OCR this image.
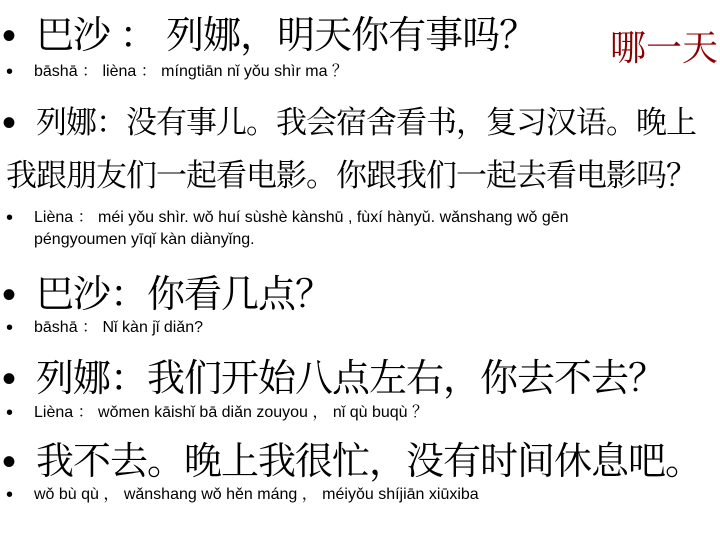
哪一天
• 巴沙 ： 列娜，明天你有事吗？
• bāshā ： lièna ： míngtiān nǐ yǒu shìr ma ？
• 列娜：没有事儿。我会宿舍看书，复习汉语。晚上
我跟朋友们一起看电影。你跟我们一起去看电影吗？
• Lièna ： méi yǒu shìr. wǒ huí sùshè kànshū , fùxí hànyǔ. wǎnshang wǒ gēn
péngyoumen yīqǐ kàn diànyǐng.
• 巴沙：你看几点？
• bāshā ： Nǐ kàn jǐ diǎn?
• 列娜：我们开始八点左右，你去不去？
• Lièna ： wǒmen kāishǐ bā diǎn zouyou ， nǐ qù buqù ？
• 我不去。晚上我很忙，没有时间休息吧。
• wǒ bù qù ， wǎnshang wǒ hěn máng ， méiyǒu shíjiān xiūxiba
